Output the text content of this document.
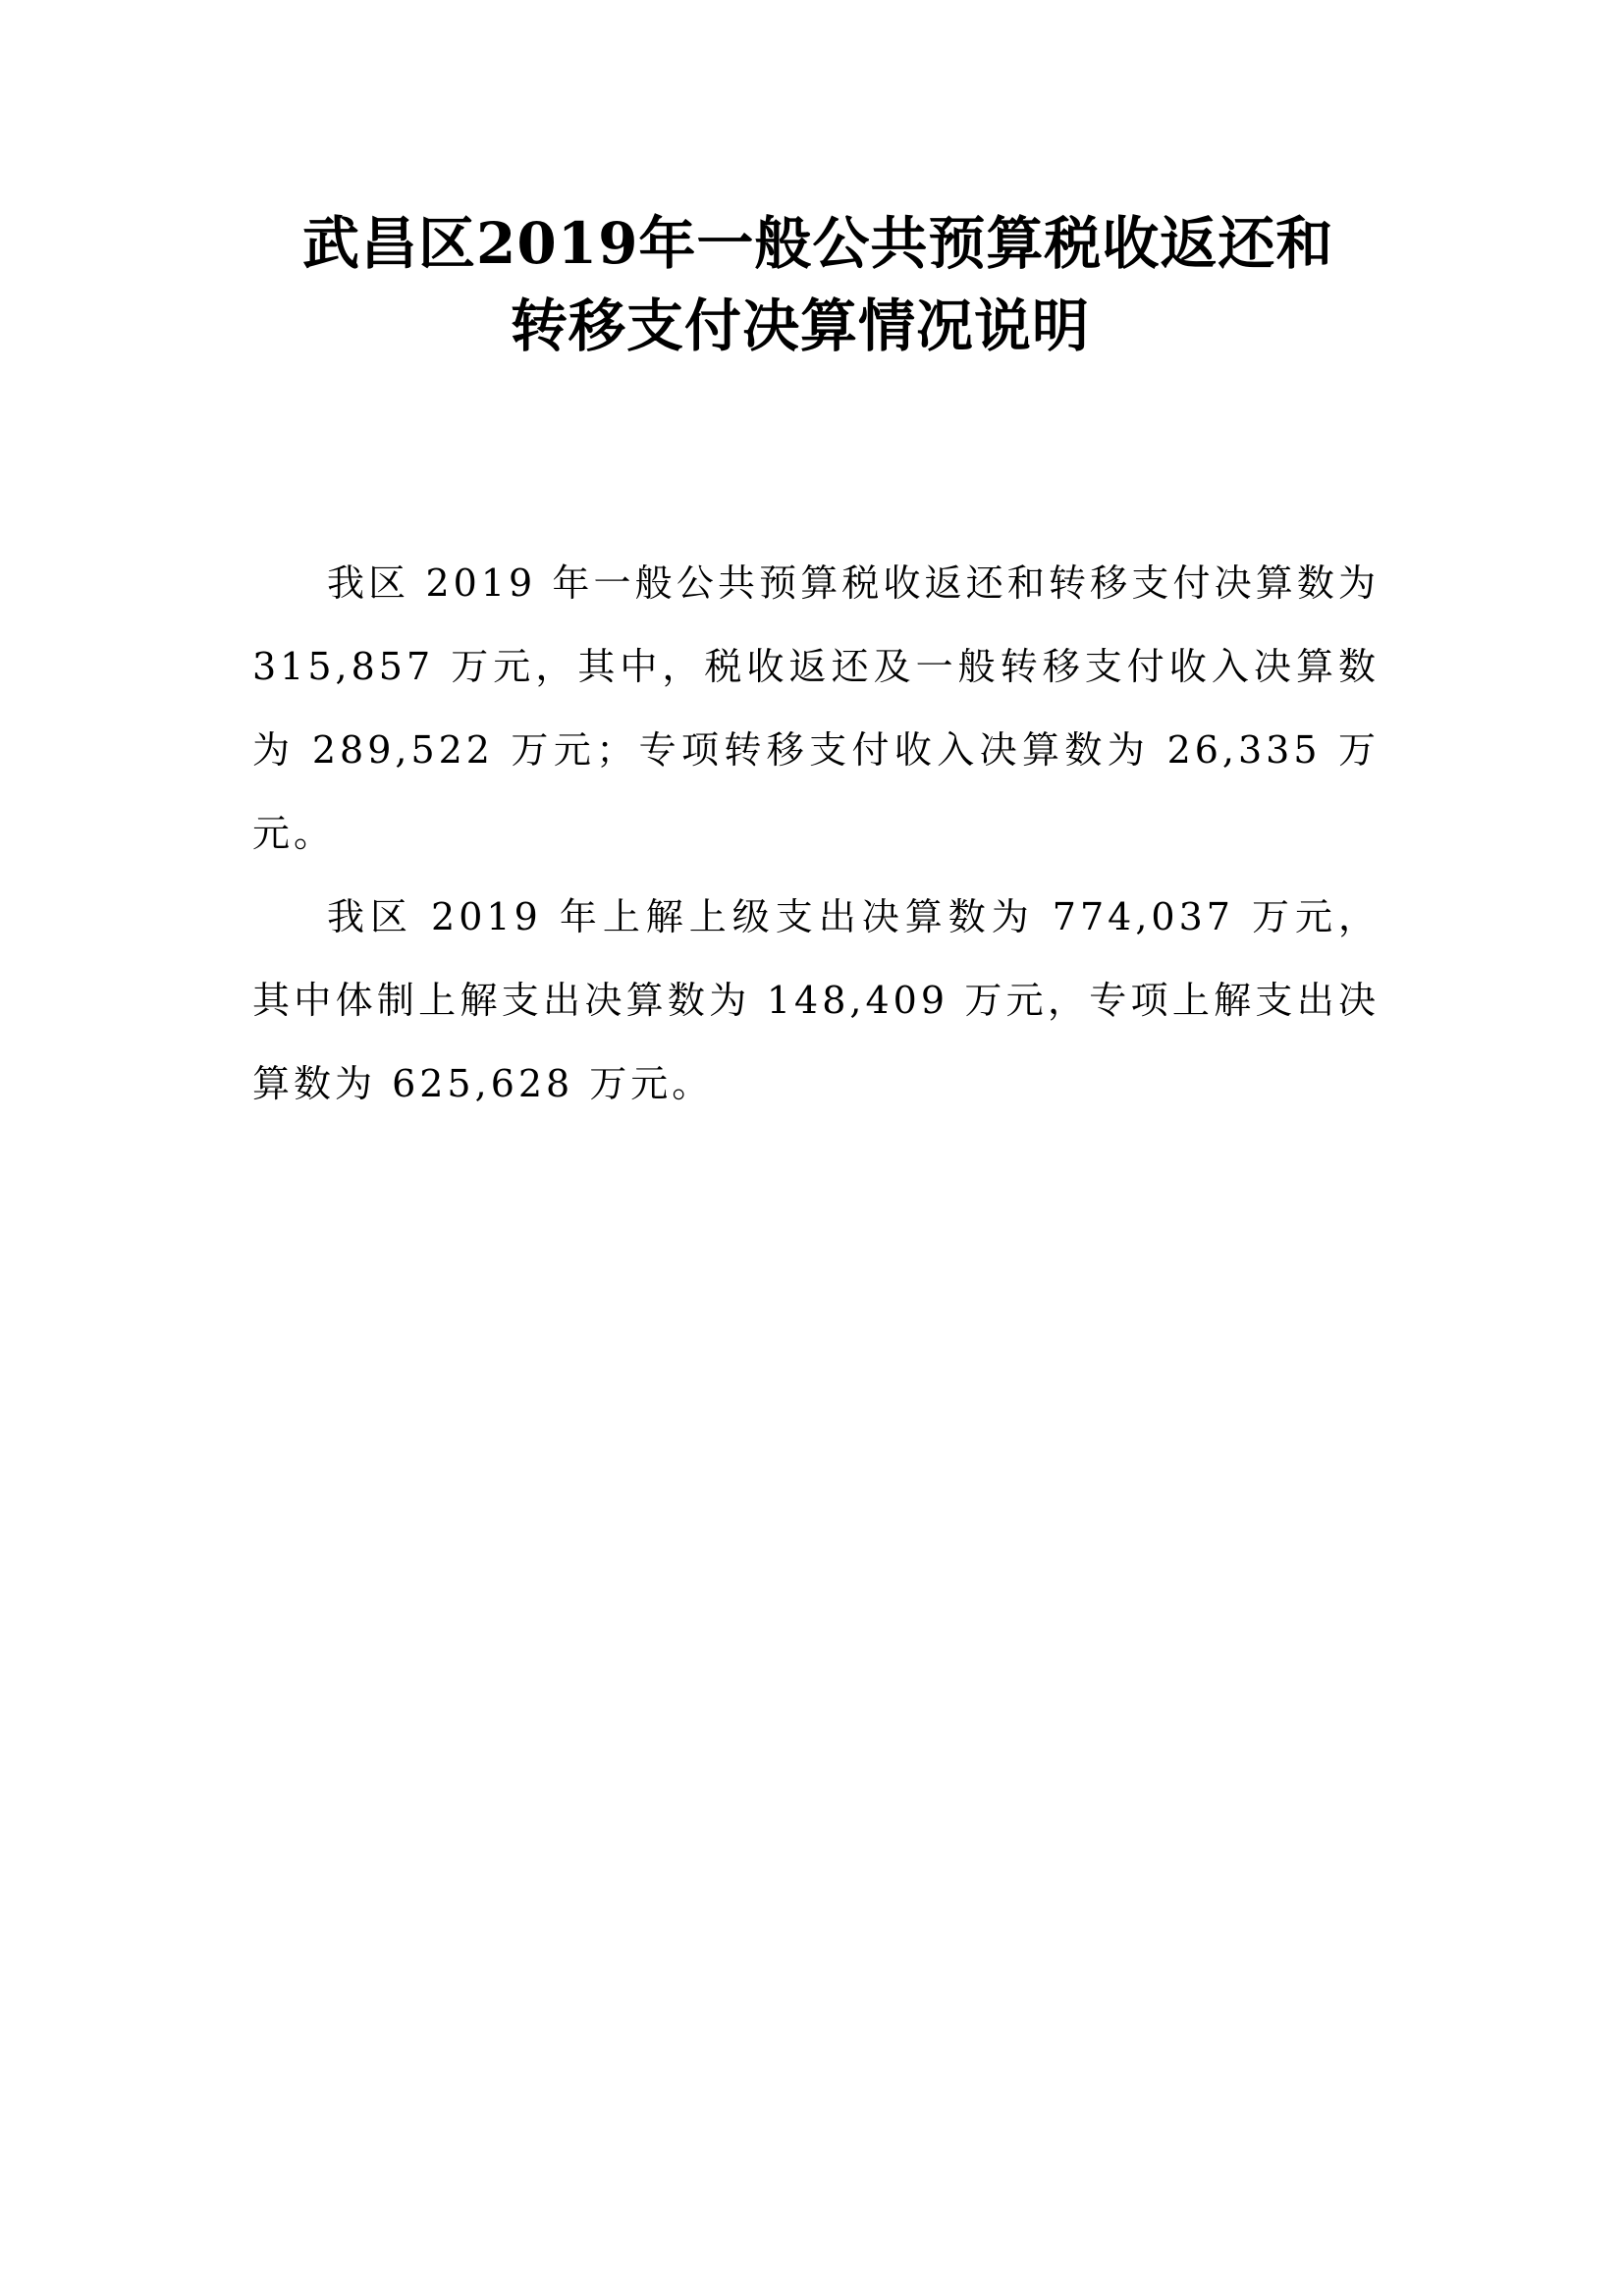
武昌区2019年一般公共预算税收返还和
转移支付决算情况说明

我区 2019 年一般公共预算税收返还和转移支付决算数为 315,857 万元，其中，税收返还及一般转移支付收入决算数为 289,522 万元；专项转移支付收入决算数为 26,335 万元。

我区 2019 年上解上级支出决算数为 774,037 万元，其中体制上解支出决算数为 148,409 万元，专项上解支出决算数为 625,628 万元。
